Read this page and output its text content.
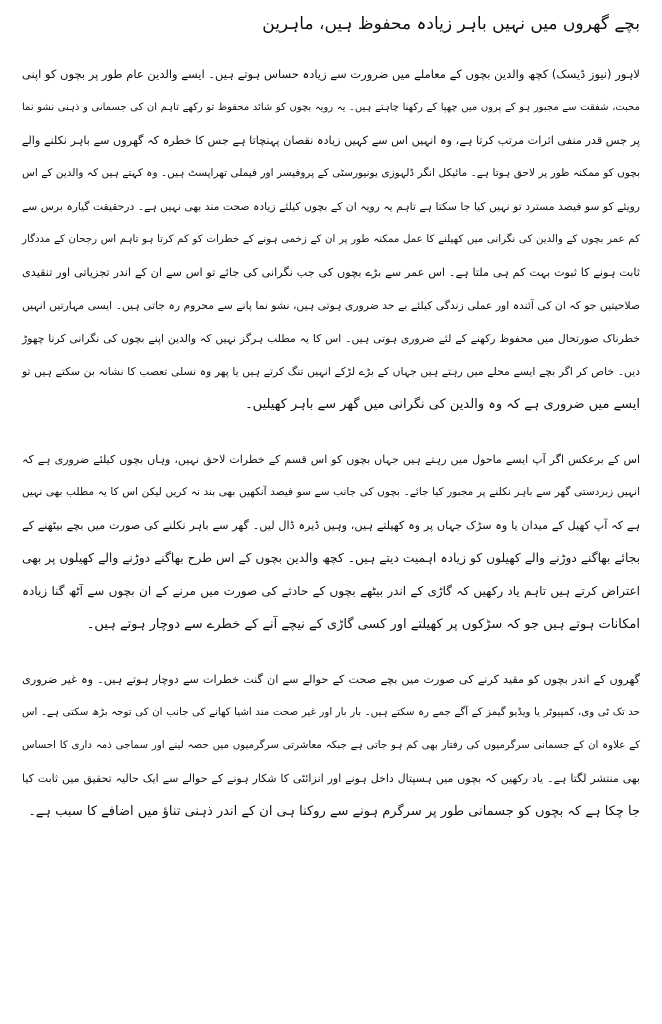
بچے گھروں میں نہیں باہر زیادہ محفوظ ہیں، ماہرین
لاہور (نیوز ڈیسک) کچھ والدین بچوں کے معاملے میں ضرورت سے زیادہ حساس ہوتے ہیں۔ ایسے والدین عام طور پر بچوں کو اپنی
محبت، شفقت سے مجبور ہو کے پروں میں چھپا کے رکھنا چاہتے ہیں۔ یہ رویہ بچوں کو شائد محفوظ تو رکھے تاہم ان کی جسمانی و ذہنی نشو نما
پر جس قدر منفی اثرات مرتب کرتا ہے، وہ انہیں اس سے کہیں زیادہ نقصان پہنچاتا ہے جس کا خطرہ کہ گھروں سے باہر نکلنے والے
بچوں کو ممکنہ طور پر لاحق ہوتا ہے۔ مائیکل انگر ڈلہوزی یونیورسٹی کے پروفیسر اور فیملی تھراپسٹ ہیں۔ وہ کہتے ہیں کہ والدین کے اس
رویئے کو سو فیصد مسترد تو نہیں کیا جا سکتا ہے تاہم یہ رویہ ان کے بچوں کیلئے زیادہ صحت مند بھی نہیں ہے۔ درحقیقت گیارہ برس سے
کم عمر بچوں کے والدین کی نگرانی میں کھیلنے کا عمل ممکنہ طور پر ان کے زخمی ہونے کے خطرات کو کم کرتا ہو تاہم اس رجحان کے مددگار
ثابت ہونے کا ثبوت بہت کم ہی ملتا ہے۔ اس عمر سے بڑے بچوں کی جب نگرانی کی جائے تو اس سے ان کے اندر تجزیاتی اور تنقیدی
صلاحیتیں جو کہ ان کی آئندہ اور عملی زندگی کیلئے بے حد ضروری ہوتی ہیں، نشو نما پانے سے محروم رہ جاتی ہیں۔ ایسی مہارتیں انہیں
خطرناک صورتحال میں محفوظ رکھنے کے لئے ضروری ہوتی ہیں۔ اس کا یہ مطلب ہرگز نہیں کہ والدین اپنے بچوں کی نگرانی کرنا چھوڑ
دیں۔ خاص کر اگر بچے ایسے محلے میں رہتے ہیں جہاں کے بڑے لڑکے انہیں تنگ کرتے ہیں یا پھر وہ نسلی تعصب کا نشانہ بن سکتے ہیں تو
ایسے میں ضروری ہے کہ وہ والدین کی نگرانی میں گھر سے باہر کھیلیں۔
اس کے برعکس اگر آپ ایسے ماحول میں رہتے ہیں جہاں بچوں کو اس قسم کے خطرات لاحق نہیں، وہاں بچوں کیلئے ضروری ہے کہ
انہیں زبردستی گھر سے باہر نکلنے پر مجبور کیا جائے۔ بچوں کی جانب سے سو فیصد آنکھیں بھی بند نہ کریں لیکن اس کا یہ مطلب بھی نہیں
ہے کہ آپ کھیل کے میدان یا وہ سڑک جہاں پر وہ کھیلتے ہیں، وہیں ڈیرہ ڈال لیں۔ گھر سے باہر نکلنے کی صورت میں بچے بیٹھنے کے
بجائے بھاگنے دوڑنے والے کھیلوں کو زیادہ اہمیت دیتے ہیں۔ کچھ والدین بچوں کے اس طرح بھاگنے دوڑنے والے کھیلوں پر بھی
اعتراض کرتے ہیں تاہم یاد رکھیں کہ گاڑی کے اندر بیٹھے بچوں کے حادثے کی صورت میں مرنے کے ان بچوں سے آٹھ گنا زیادہ
امکانات ہوتے ہیں جو کہ سڑکوں پر کھیلتے اور کسی گاڑی کے نیچے آنے کے خطرے سے دوچار ہوتے ہیں۔
گھروں کے اندر بچوں کو مقید کرنے کی صورت میں بچے صحت کے حوالے سے ان گنت خطرات سے دوچار ہوتے ہیں۔ وہ غیر ضروری
حد تک ٹی وی، کمپیوٹر یا ویڈیو گیمز کے آگے جمے رہ سکتے ہیں۔ بار بار اور غیر صحت مند اشیا کھانے کی جانب ان کی توجہ بڑھ سکتی ہے۔ اس
کے علاوہ ان کے جسمانی سرگرمیوں کی رفتار بھی کم ہو جاتی ہے جبکہ معاشرتی سرگرمیوں میں حصہ لینے اور سماجی ذمہ داری کا احساس
بھی منتشر لگتا ہے۔ یاد رکھیں کہ بچوں میں ہسپتال داخل ہونے اور انزائٹی کا شکار ہونے کے حوالے سے ایک حالیہ تحقیق میں ثابت کیا
جا چکا ہے کہ بچوں کو جسمانی طور پر سرگرم ہونے سے روکنا ہی ان کے اندر ذہنی تناؤ میں اضافے کا سبب ہے۔
